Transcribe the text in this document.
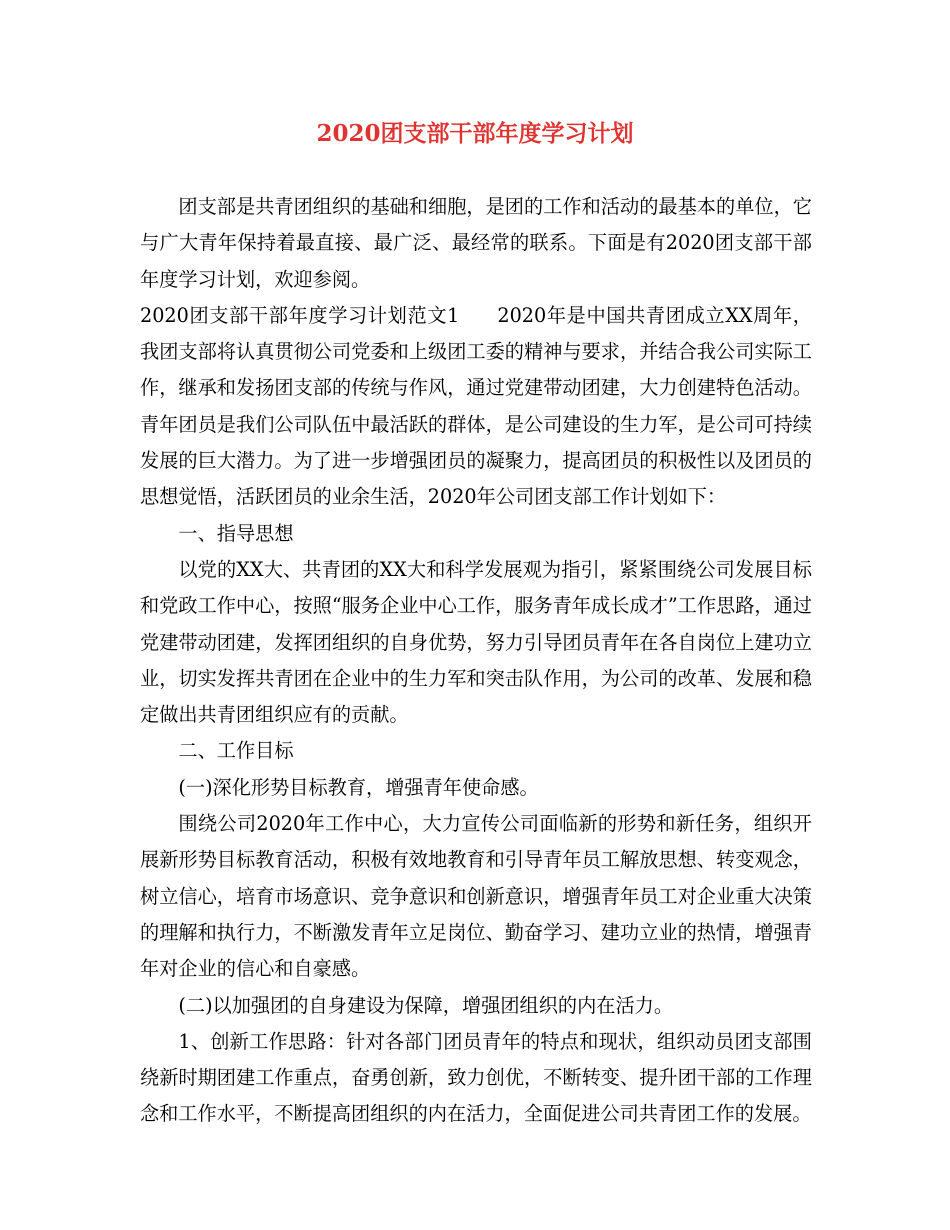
2020团支部干部年度学习计划

团支部是共青团组织的基础和细胞，是团的工作和活动的最基本的单位，它与广大青年保持着最直接、最广泛、最经常的联系。下面是有2020团支部干部年度学习计划，欢迎参阅。

2020团支部干部年度学习计划范文1 2020年是中国共青团成立XX周年，我团支部将认真贯彻公司党委和上级团工委的精神与要求，并结合我公司实际工作，继承和发扬团支部的传统与作风，通过党建带动团建，大力创建特色活动。青年团员是我们公司队伍中最活跃的群体，是公司建设的生力军，是公司可持续发展的巨大潜力。为了进一步增强团员的凝聚力，提高团员的积极性以及团员的思想觉悟，活跃团员的业余生活，2020年公司团支部工作计划如下：

一、指导思想

以党的XX大、共青团的XX大和科学发展观为指引，紧紧围绕公司发展目标和党政工作中心，按照“服务企业中心工作，服务青年成长成才”工作思路，通过党建带动团建，发挥团组织的自身优势，努力引导团员青年在各自岗位上建功立业，切实发挥共青团在企业中的生力军和突击队作用，为公司的改革、发展和稳定做出共青团组织应有的贡献。

二、工作目标

(一)深化形势目标教育，增强青年使命感。

围绕公司2020年工作中心，大力宣传公司面临新的形势和新任务，组织开展新形势目标教育活动，积极有效地教育和引导青年员工解放思想、转变观念，树立信心，培育市场意识、竞争意识和创新意识，增强青年员工对企业重大决策的理解和执行力，不断激发青年立足岗位、勤奋学习、建功立业的热情，增强青年对企业的信心和自豪感。

(二)以加强团的自身建设为保障，增强团组织的内在活力。

1、创新工作思路：针对各部门团员青年的特点和现状，组织动员团支部围绕新时期团建工作重点，奋勇创新，致力创优，不断转变、提升团干部的工作理念和工作水平，不断提高团组织的内在活力，全面促进公司共青团工作的发展。
